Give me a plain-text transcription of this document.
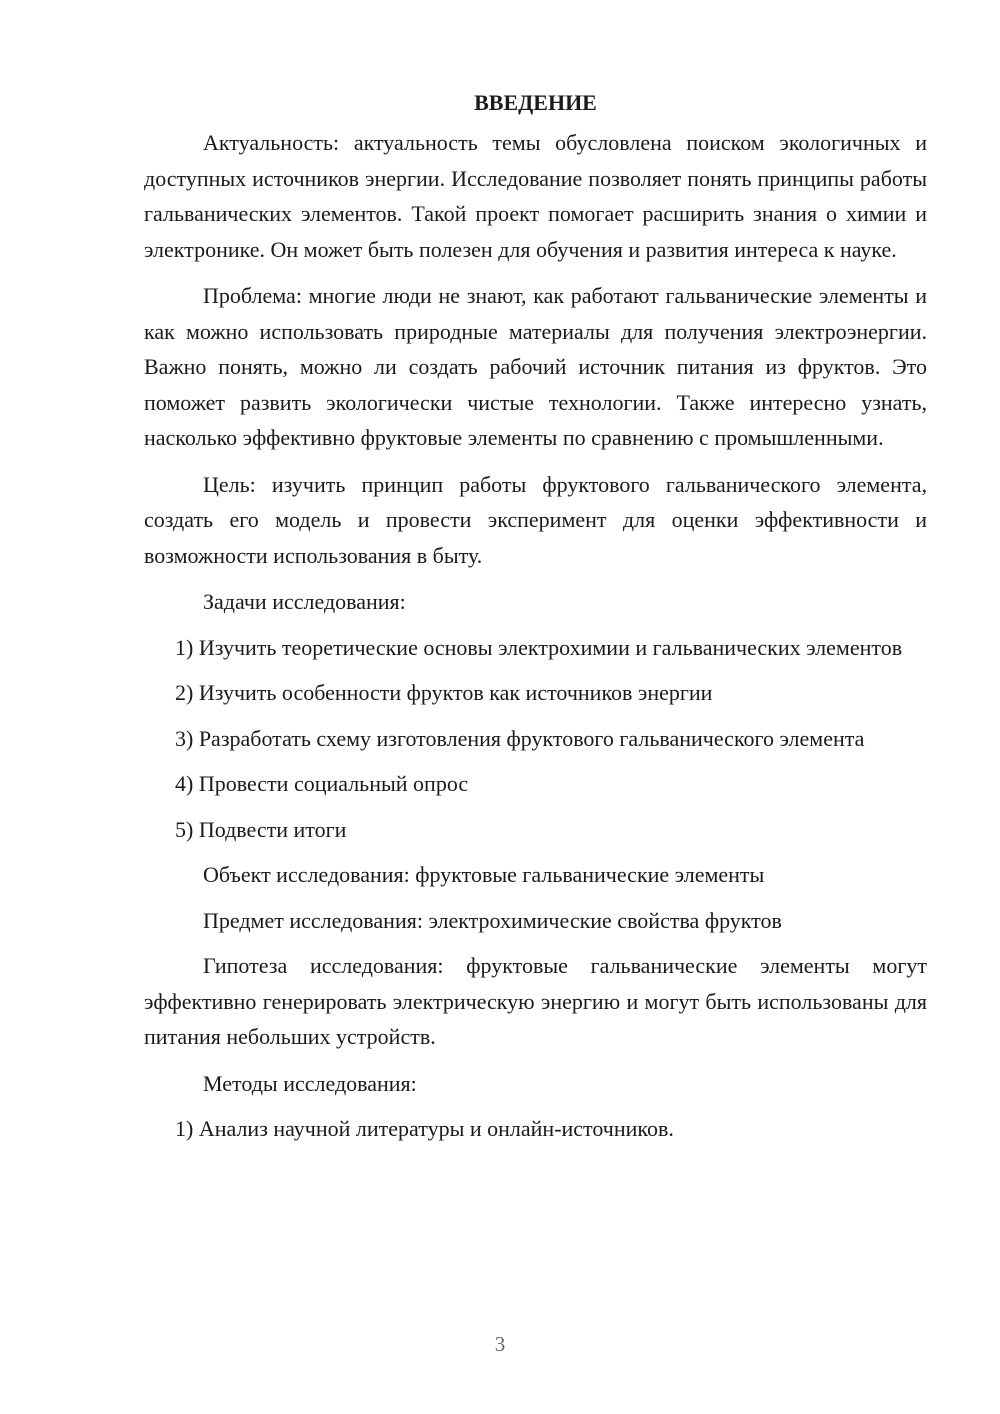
ВВЕДЕНИЕ

Актуальность: актуальность темы обусловлена поиском экологичных и доступных источников энергии. Исследование позволяет понять принципы работы гальванических элементов. Такой проект помогает расширить знания о химии и электронике. Он может быть полезен для обучения и развития интереса к науке.

Проблема: многие люди не знают, как работают гальванические элементы и как можно использовать природные материалы для получения электроэнергии. Важно понять, можно ли создать рабочий источник питания из фруктов. Это поможет развить экологически чистые технологии. Также интересно узнать, насколько эффективно фруктовые элементы по сравнению с промышленными.

Цель: изучить принцип работы фруктового гальванического элемента, создать его модель и провести эксперимент для оценки эффективности и возможности использования в быту.

Задачи исследования:

1) Изучить теоретические основы электрохимии и гальванических элементов

2) Изучить особенности фруктов как источников энергии

3) Разработать схему изготовления фруктового гальванического элемента

4) Провести социальный опрос

5) Подвести итоги

Объект исследования: фруктовые гальванические элементы

Предмет исследования: электрохимические свойства фруктов

Гипотеза исследования: фруктовые гальванические элементы могут эффективно генерировать электрическую энергию и могут быть использованы для питания небольших устройств.

Методы исследования:

1) Анализ научной литературы и онлайн-источников.

3
